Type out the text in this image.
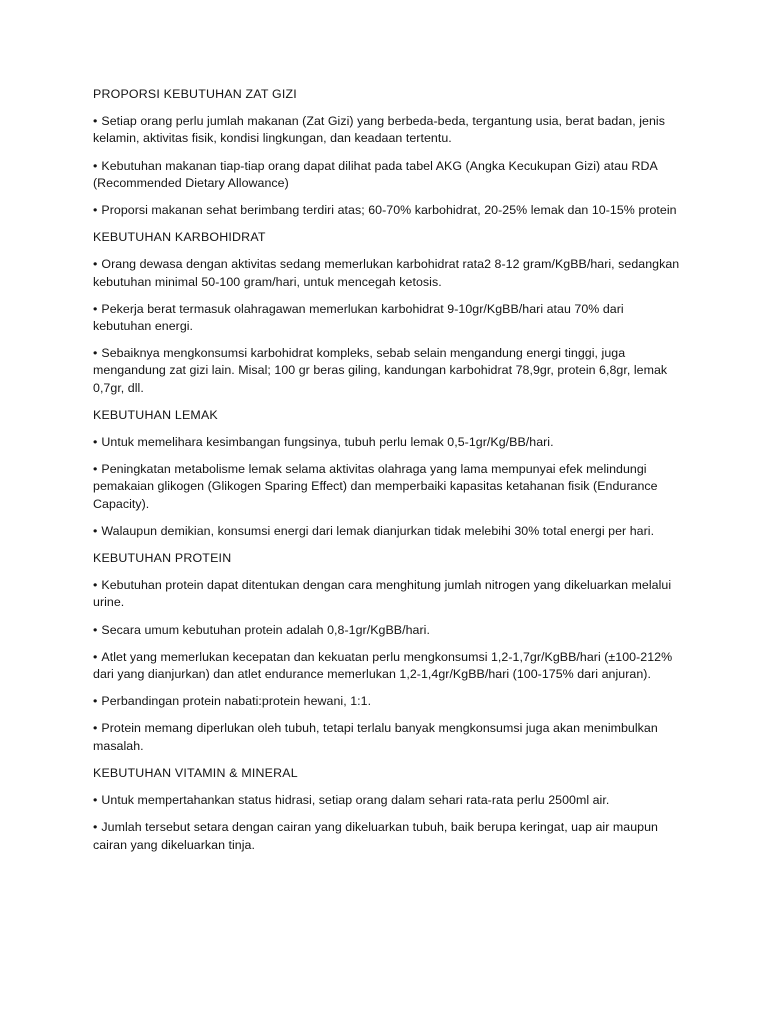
PROPORSI KEBUTUHAN ZAT GIZI

• Setiap orang perlu jumlah makanan (Zat Gizi) yang berbeda-beda, tergantung usia, berat badan, jenis kelamin, aktivitas fisik, kondisi lingkungan, dan keadaan tertentu.

• Kebutuhan makanan tiap-tiap orang dapat dilihat pada tabel AKG (Angka Kecukupan Gizi) atau RDA (Recommended Dietary Allowance)

• Proporsi makanan sehat berimbang terdiri atas; 60-70% karbohidrat, 20-25% lemak dan 10-15% protein

KEBUTUHAN KARBOHIDRAT

• Orang dewasa dengan aktivitas sedang memerlukan karbohidrat rata2 8-12 gram/KgBB/hari, sedangkan kebutuhan minimal 50-100 gram/hari, untuk mencegah ketosis.

• Pekerja berat termasuk olahragawan memerlukan karbohidrat 9-10gr/KgBB/hari atau 70% dari kebutuhan energi.

• Sebaiknya mengkonsumsi karbohidrat kompleks, sebab selain mengandung energi tinggi, juga mengandung zat gizi lain. Misal; 100 gr beras giling, kandungan karbohidrat 78,9gr, protein 6,8gr, lemak 0,7gr, dll.

KEBUTUHAN LEMAK

• Untuk memelihara kesimbangan fungsinya, tubuh perlu lemak 0,5-1gr/Kg/BB/hari.

• Peningkatan metabolisme lemak selama aktivitas olahraga yang lama mempunyai efek melindungi pemakaian glikogen (Glikogen Sparing Effect) dan memperbaiki kapasitas ketahanan fisik (Endurance Capacity).

• Walaupun demikian, konsumsi energi dari lemak dianjurkan tidak melebihi 30% total energi per hari.

KEBUTUHAN PROTEIN

• Kebutuhan protein dapat ditentukan dengan cara menghitung jumlah nitrogen yang dikeluarkan melalui urine.

• Secara umum kebutuhan protein adalah 0,8-1gr/KgBB/hari.

• Atlet yang memerlukan kecepatan dan kekuatan perlu mengkonsumsi 1,2-1,7gr/KgBB/hari (±100-212% dari yang dianjurkan) dan atlet endurance memerlukan 1,2-1,4gr/KgBB/hari (100-175% dari anjuran).

• Perbandingan protein nabati:protein hewani, 1:1.

• Protein memang diperlukan oleh tubuh, tetapi terlalu banyak mengkonsumsi juga akan menimbulkan masalah.

KEBUTUHAN VITAMIN & MINERAL

• Untuk mempertahankan status hidrasi, setiap orang dalam sehari rata-rata perlu 2500ml air.

• Jumlah tersebut setara dengan cairan yang dikeluarkan tubuh, baik berupa keringat, uap air maupun cairan yang dikeluarkan tinja.
